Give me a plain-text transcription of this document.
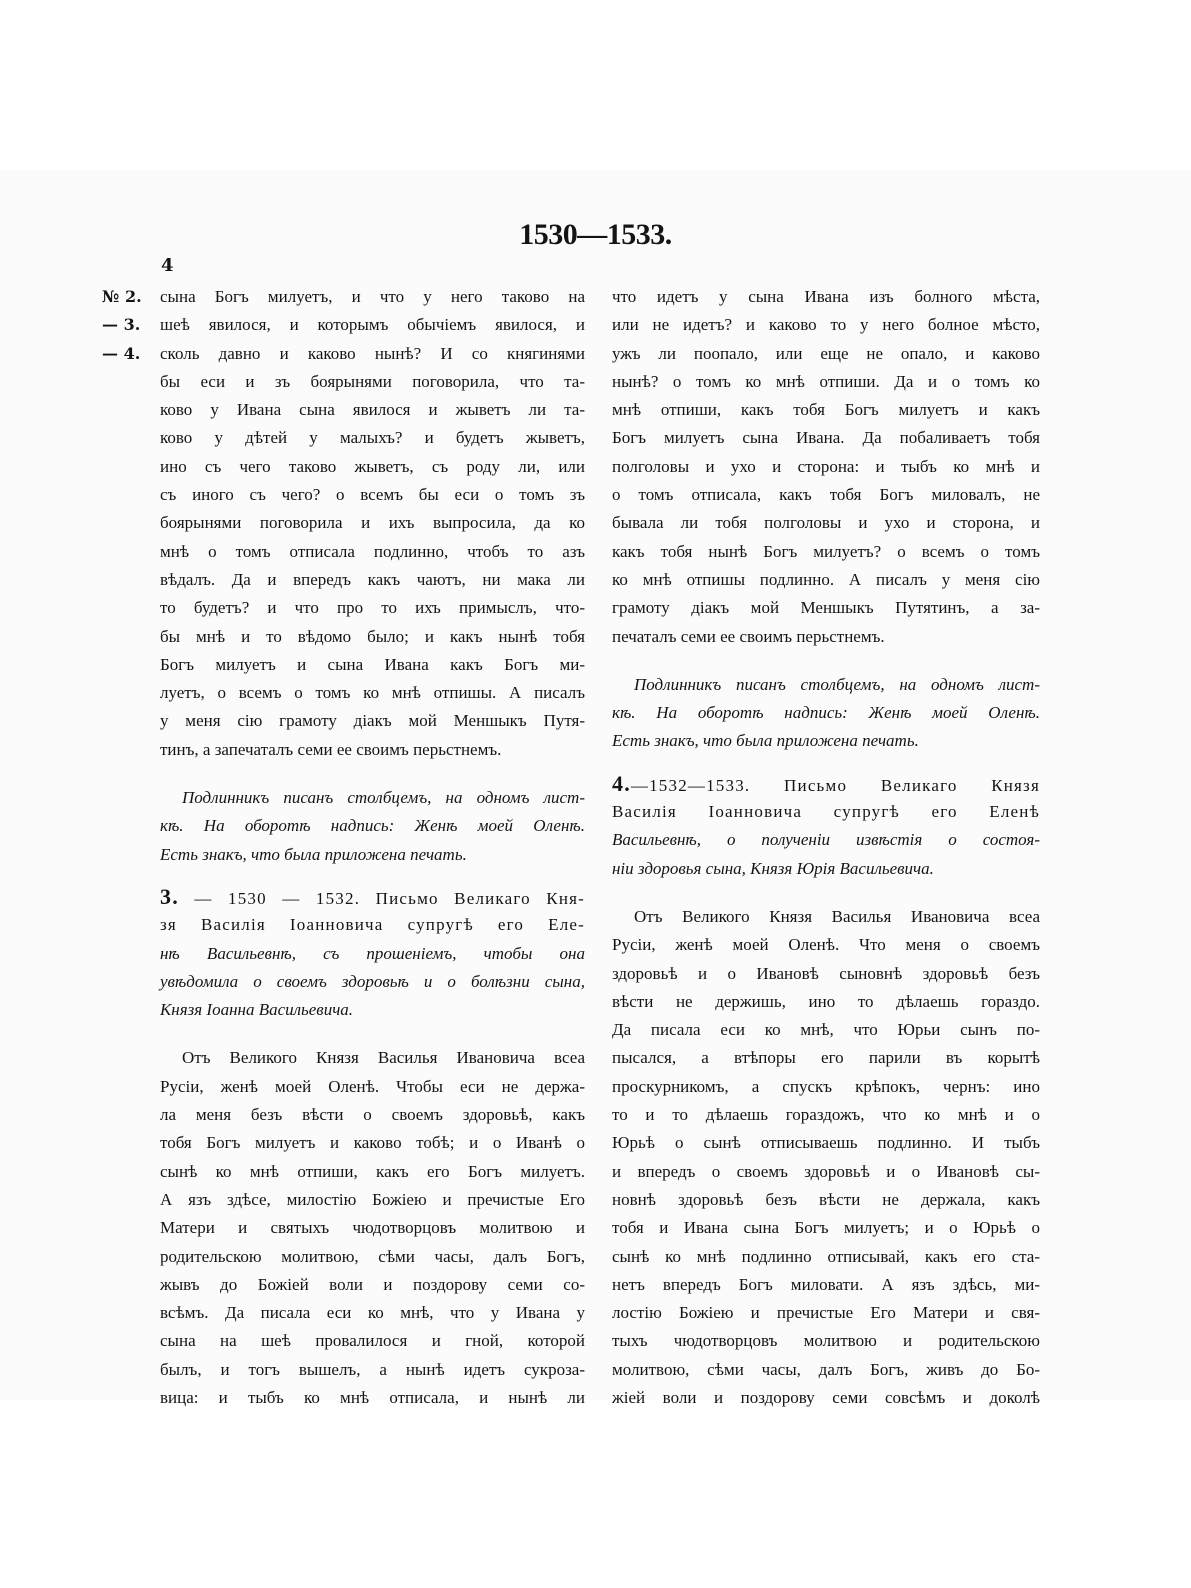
1530—1533.
4
№ 2.
— 3.
— 4.
сына Богъ милуетъ, и что у него таково на
шеѣ явилося, и которымъ обычіемъ явилося, и
сколь давно и каково нынѣ? И со княгинями
бы еси и зъ боярынями поговорила, что та-
ково у Ивана сына явилося и жыветъ ли та-
ково у дѣтей у малыхъ? и будетъ жыветъ,
ино съ чего таково жыветъ, съ роду ли, или
съ иного съ чего? о всемъ бы еси о томъ зъ
боярынями поговорила и ихъ выпросила, да ко
мнѣ о томъ отписала подлинно, чтобъ то азъ
вѣдалъ. Да и впередъ какъ чаютъ, ни мака ли
то будетъ? и что про то ихъ примыслъ, что-
бы мнѣ и то вѣдомо было; и какъ нынѣ тобя
Богъ милуетъ и сына Ивана какъ Богъ ми-
луетъ, о всемъ о томъ ко мнѣ отпишы. А писалъ
у меня сію грамоту діакъ мой Меншыкъ Путя-
тинъ, а запечаталъ семи ее своимъ перьстнемъ.
Подлинникъ писанъ столбцемъ, на одномъ лист-
кѣ. На оборотѣ надпись: Женѣ моей Оленѣ.
Есть знакъ, что была приложена печать.
3. — 1530 — 1532. Письмо Великаго Кня-
зя Василія Іоанновича супругѣ его Еле-
нѣ Васильевнѣ, съ прошеніемъ, чтобы она
увѣдомила о своемъ здоровьѣ и о болѣзни сына,
Князя Іоанна Васильевича.
Отъ Великого Князя Василья Ивановича всеа
Русіи, женѣ моей Оленѣ. Чтобы еси не держа-
ла меня безъ вѣсти о своемъ здоровьѣ, какъ
тобя Богъ милуетъ и каково тобѣ; и о Иванѣ о
сынѣ ко мнѣ отпиши, какъ его Богъ милуетъ.
А язъ здѣсе, милостію Божіею и пречистые Его
Матери и святыхъ чюдотворцовъ молитвою и
родительскою молитвою, сѣми часы, далъ Богъ,
жывъ до Божіей воли и поздорову семи со-
всѣмъ. Да писала еси ко мнѣ, что у Ивана у
сына на шеѣ провалилося и гной, которой
былъ, и тогъ вышелъ, а нынѣ идетъ сукроза-
вица: и тыбъ ко мнѣ отписала, и нынѣ ли
что идетъ у сына Ивана изъ болного мѣста,
или не идетъ? и каково то у него болное мѣсто,
ужъ ли поопало, или еще не опало, и каково
нынѣ? о томъ ко мнѣ отпиши. Да и о томъ ко
мнѣ отпиши, какъ тобя Богъ милуетъ и какъ
Богъ милуетъ сына Ивана. Да побаливаетъ тобя
полголовы и ухо и сторона: и тыбъ ко мнѣ и
о томъ отписала, какъ тобя Богъ миловалъ, не
бывала ли тобя полголовы и ухо и сторона, и
какъ тобя нынѣ Богъ милуетъ? о всемъ о томъ
ко мнѣ отпишы подлинно. А писалъ у меня сію
грамоту діакъ мой Меншыкъ Путятинъ, а за-
печаталъ семи ее своимъ перьстнемъ.
Подлинникъ писанъ столбцемъ, на одномъ лист-
кѣ. На оборотѣ надпись: Женѣ моей Оленѣ.
Есть знакъ, что была приложена печать.
4.—1532—1533. Письмо Великаго Князя
Василія Іоанновича супругѣ его Еленѣ
Васильевнѣ, о полученіи извѣстія о состоя-
ніи здоровья сына, Князя Юрія Васильевича.
Отъ Великого Князя Василья Ивановича всеа
Русіи, женѣ моей Оленѣ. Что меня о своемъ
здоровьѣ и о Ивановѣ сыновнѣ здоровьѣ безъ
вѣсти не держишь, ино то дѣлаешь гораздо.
Да писала еси ко мнѣ, что Юрьи сынъ по-
пысался, а втѣпоры его парили въ корытѣ
проскурникомъ, а спускъ крѣпокъ, чернъ: ино
то и то дѣлаешь гораздожъ, что ко мнѣ и о
Юрьѣ о сынѣ отписываешь подлинно. И тыбъ
и впередъ о своемъ здоровьѣ и о Ивановѣ сы-
новнѣ здоровьѣ безъ вѣсти не держала, какъ
тобя и Ивана сына Богъ милуетъ; и о Юрьѣ о
сынѣ ко мнѣ подлинно отписывай, какъ его ста-
нетъ впередъ Богъ миловати. А язъ здѣсь, ми-
лостію Божіею и пречистые Его Матери и свя-
тыхъ чюдотворцовъ молитвою и родительскою
молитвою, сѣми часы, далъ Богъ, живъ до Бо-
жіей воли и поздорову семи совсѣмъ и доколѣ
